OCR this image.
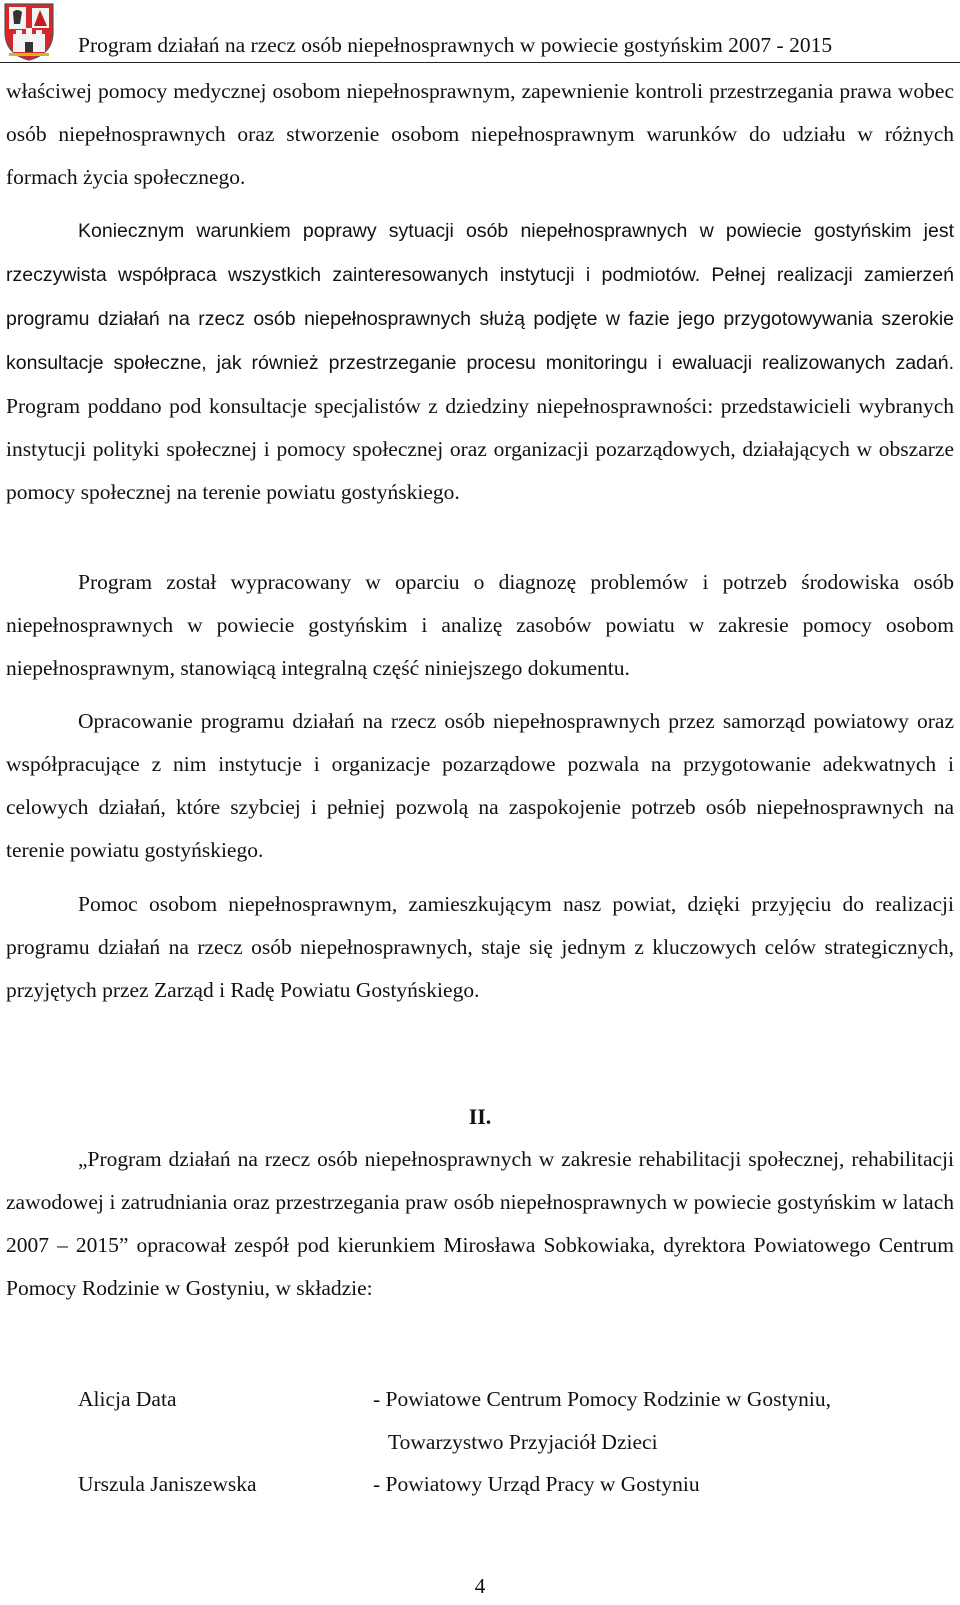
Program działań na rzecz osób niepełnosprawnych w powiecie gostyńskim 2007 - 2015

właściwej pomocy medycznej osobom niepełnosprawnym, zapewnienie kontroli przestrzegania prawa wobec osób niepełnosprawnych oraz stworzenie osobom niepełnosprawnym warunków do udziału w różnych formach życia społecznego.

Koniecznym warunkiem poprawy sytuacji osób niepełnosprawnych w powiecie gostyńskim jest rzeczywista współpraca wszystkich zainteresowanych instytucji i podmiotów. Pełnej realizacji zamierzeń programu działań na rzecz osób niepełnosprawnych służą podjęte w fazie jego przygotowywania szerokie konsultacje społeczne, jak również przestrzeganie procesu monitoringu i ewaluacji realizowanych zadań. Program poddano pod konsultacje specjalistów z dziedziny niepełnosprawności: przedstawicieli wybranych instytucji polityki społecznej i pomocy społecznej oraz organizacji pozarządowych, działających w obszarze pomocy społecznej na terenie powiatu gostyńskiego.

Program został wypracowany w oparciu o diagnozę problemów i potrzeb środowiska osób niepełnosprawnych w powiecie gostyńskim i analizę zasobów powiatu w zakresie pomocy osobom niepełnosprawnym, stanowiącą integralną część niniejszego dokumentu.

Opracowanie programu działań na rzecz osób niepełnosprawnych przez samorząd powiatowy oraz współpracujące z nim instytucje i organizacje pozarządowe pozwala na przygotowanie adekwatnych i celowych działań, które szybciej i pełniej pozwolą na zaspokojenie potrzeb osób niepełnosprawnych na terenie powiatu gostyńskiego.

Pomoc osobom niepełnosprawnym, zamieszkującym nasz powiat, dzięki przyjęciu do realizacji programu działań na rzecz osób niepełnosprawnych, staje się jednym z kluczowych celów strategicznych, przyjętych przez Zarząd i Radę Powiatu Gostyńskiego.

II.

„Program działań na rzecz osób niepełnosprawnych w zakresie rehabilitacji społecznej, rehabilitacji zawodowej i zatrudniania oraz przestrzegania praw osób niepełnosprawnych w powiecie gostyńskim w latach 2007 – 2015” opracował zespół pod kierunkiem Mirosława Sobkowiaka, dyrektora Powiatowego Centrum Pomocy Rodzinie w Gostyniu, w składzie:

Alicja Data	- Powiatowe Centrum Pomocy Rodzinie w Gostyniu,
Towarzystwo Przyjaciół Dzieci
Urszula Janiszewska	- Powiatowy Urząd Pracy w Gostyniu
4
